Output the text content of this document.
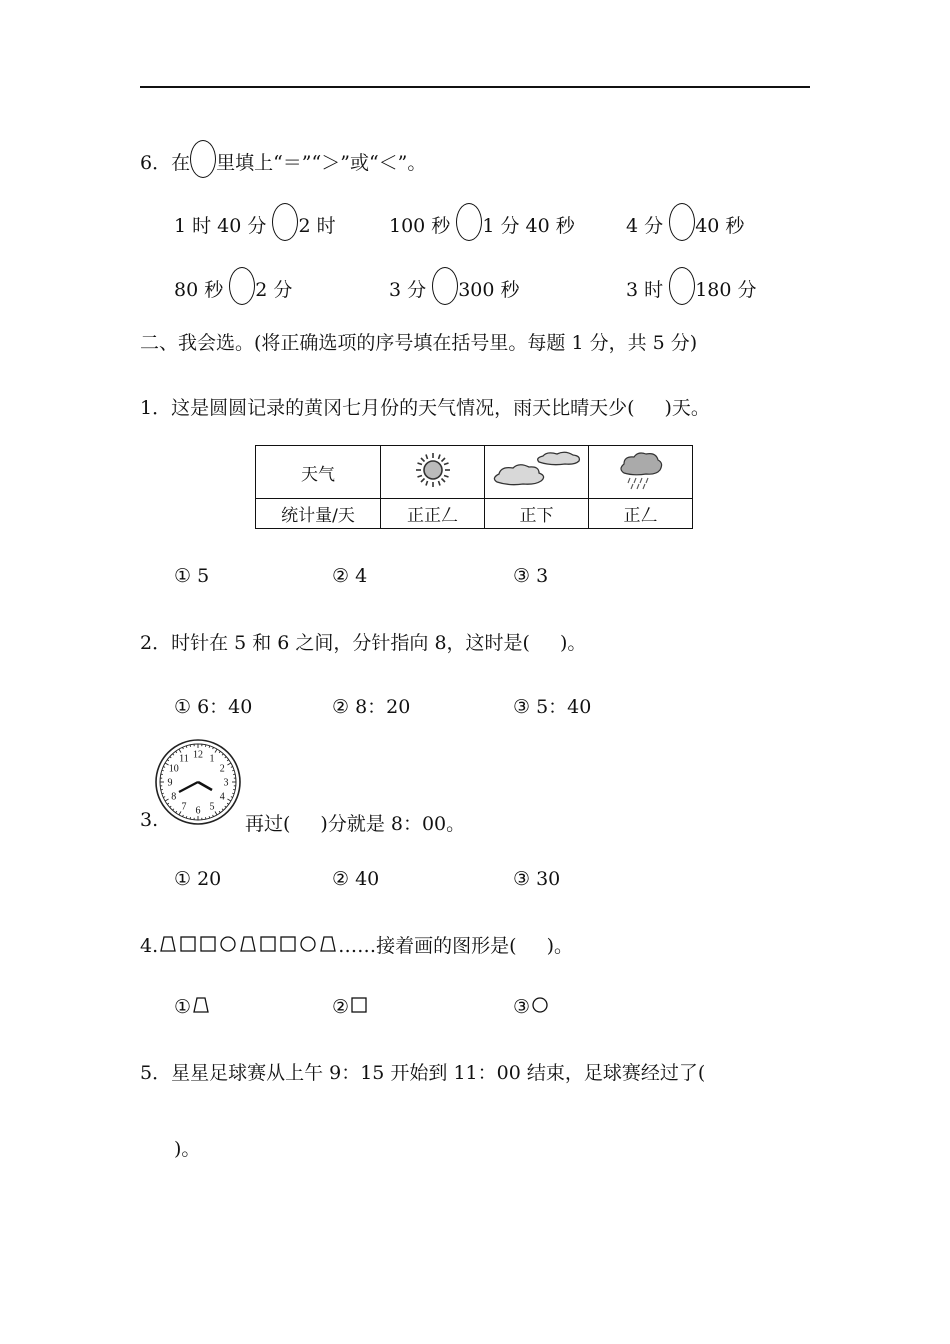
6．在 里填上“＝”“＞”或“＜”。
1 时 40 分 2 时	100 秒 1 分 40 秒	4 分 40 秒
80 秒 2 分	3 分 300 秒	3 时 180 分
二、我会选。(将正确选项的序号填在括号里。每题 1 分，共 5 分)
1．这是圆圆记录的黄冈七月份的天气情况，雨天比晴天少( )天。
天气			
统计量/天	正正𠃋	正下	正𠃋
① 5	② 4	③ 3
2．时针在 5 和 6 之间，分针指向 8，这时是( )。
① 6：40	② 8：20	③ 5：40
12 1
2
3
4
5
6
7
8
9
10
11
3.	再过( )分就是 8：00。
① 20	② 40	③ 30
4.	……接着画的图形是( )。
①	②	③
5．星星足球赛从上午 9：15 开始到 11：00 结束，足球赛经过了(
)。
